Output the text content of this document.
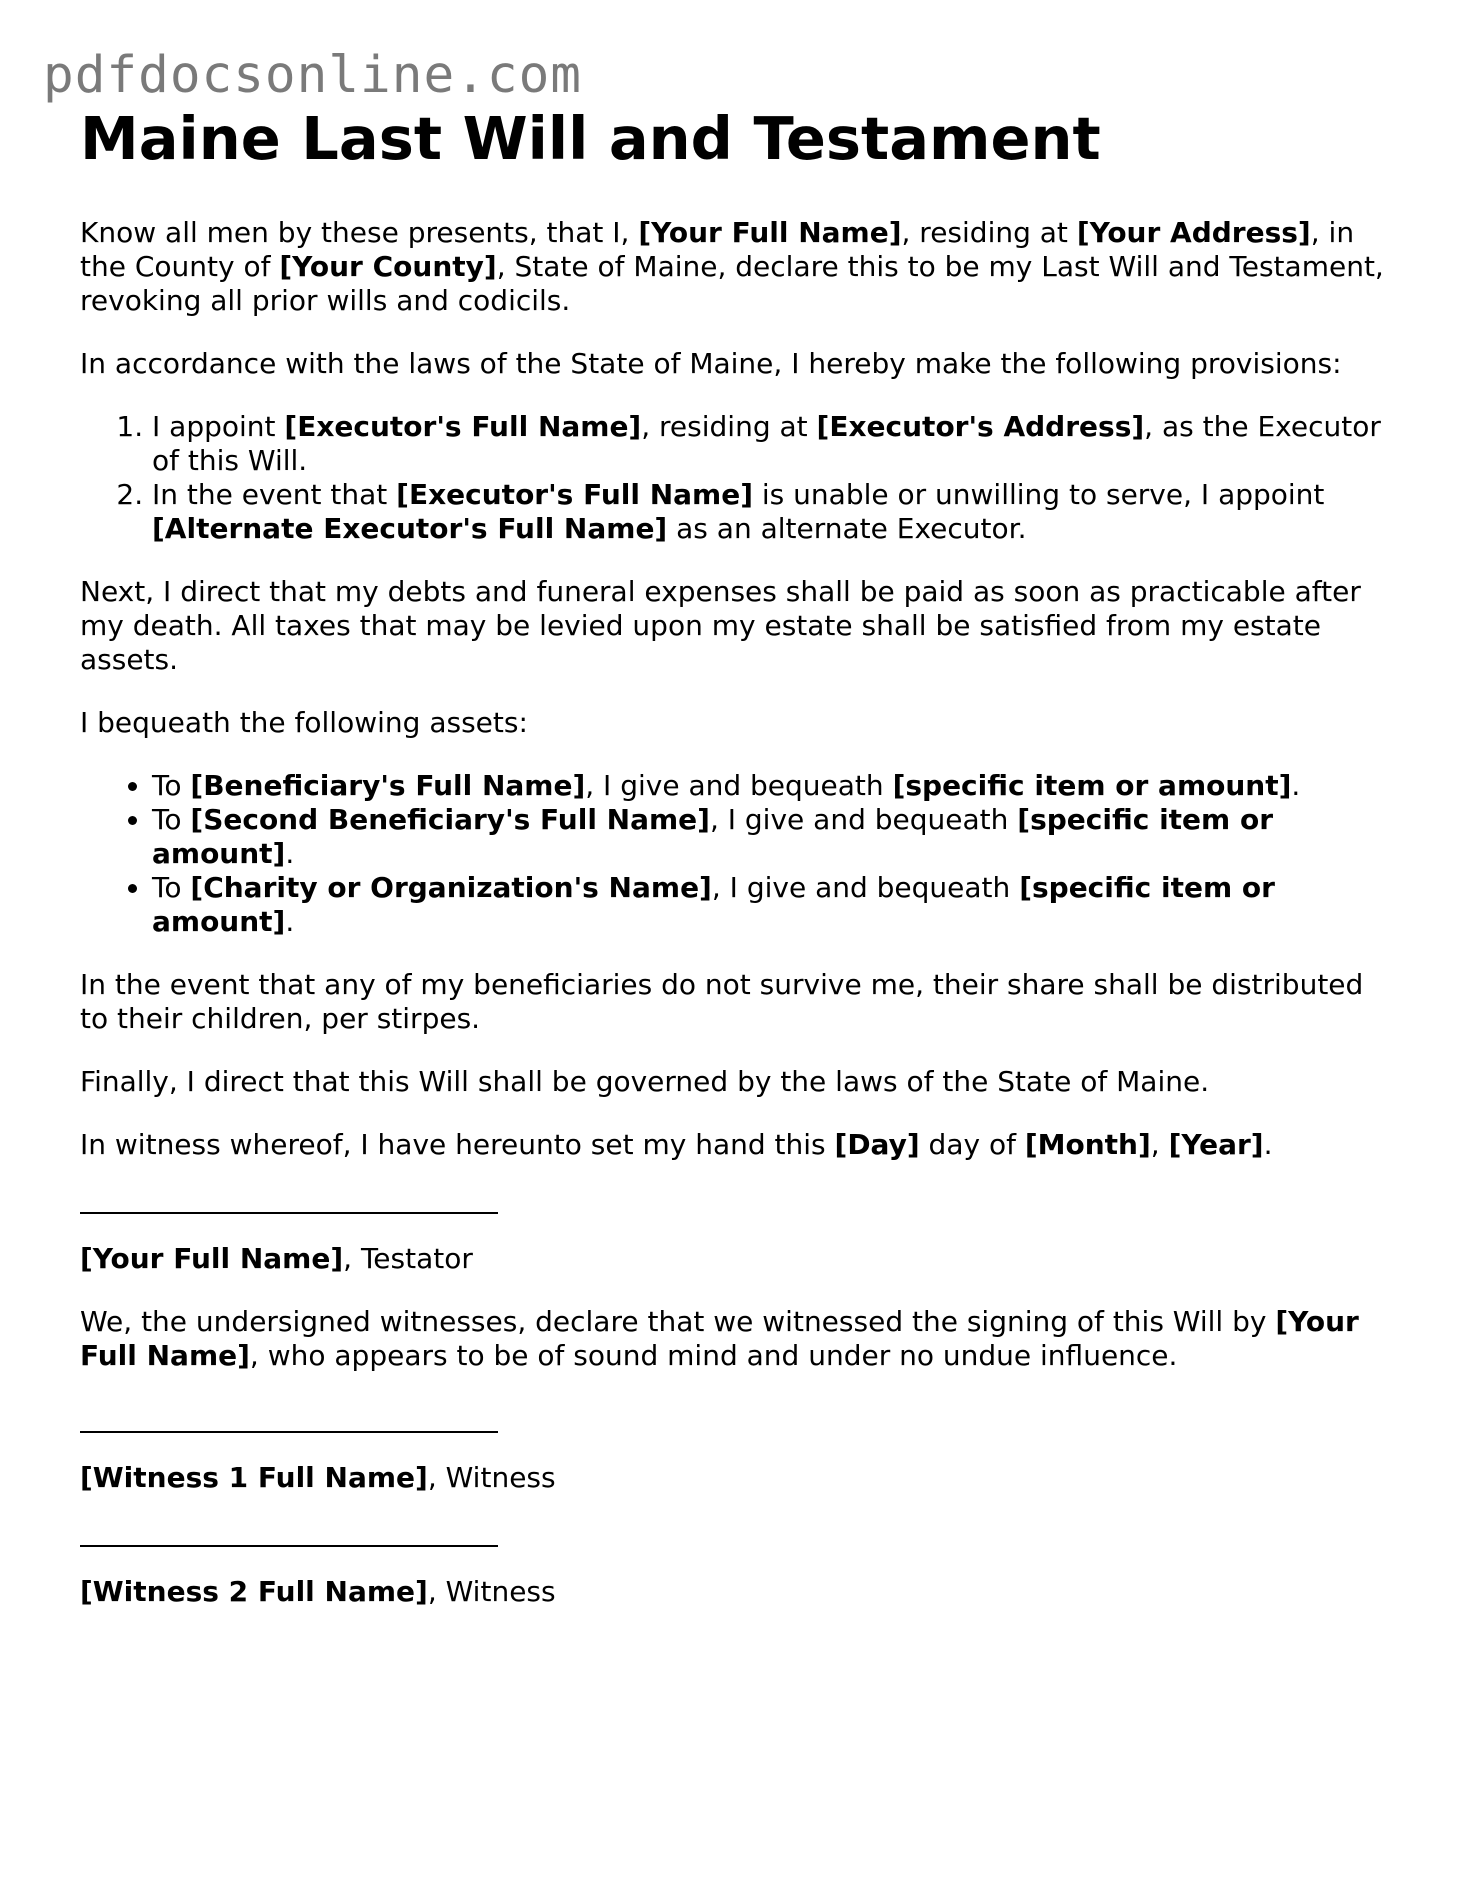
pdfdocsonline.com
Maine Last Will and Testament

Know all men by these presents, that I, [Your Full Name], residing at [Your Address], in the County of [Your County], State of Maine, declare this to be my Last Will and Testament, revoking all prior wills and codicils.

In accordance with the laws of the State of Maine, I hereby make the following provisions:

1. I appoint [Executor's Full Name], residing at [Executor's Address], as the Executor of this Will.
2. In the event that [Executor's Full Name] is unable or unwilling to serve, I appoint [Alternate Executor's Full Name] as an alternate Executor.

Next, I direct that my debts and funeral expenses shall be paid as soon as practicable after my death. All taxes that may be levied upon my estate shall be satisfied from my estate assets.

I bequeath the following assets:

• To [Beneficiary's Full Name], I give and bequeath [specific item or amount].
• To [Second Beneficiary's Full Name], I give and bequeath [specific item or amount].
• To [Charity or Organization's Name], I give and bequeath [specific item or amount].

In the event that any of my beneficiaries do not survive me, their share shall be distributed to their children, per stirpes.

Finally, I direct that this Will shall be governed by the laws of the State of Maine.

In witness whereof, I have hereunto set my hand this [Day] day of [Month], [Year].

[Your Full Name], Testator

We, the undersigned witnesses, declare that we witnessed the signing of this Will by [Your Full Name], who appears to be of sound mind and under no undue influence.

[Witness 1 Full Name], Witness

[Witness 2 Full Name], Witness
